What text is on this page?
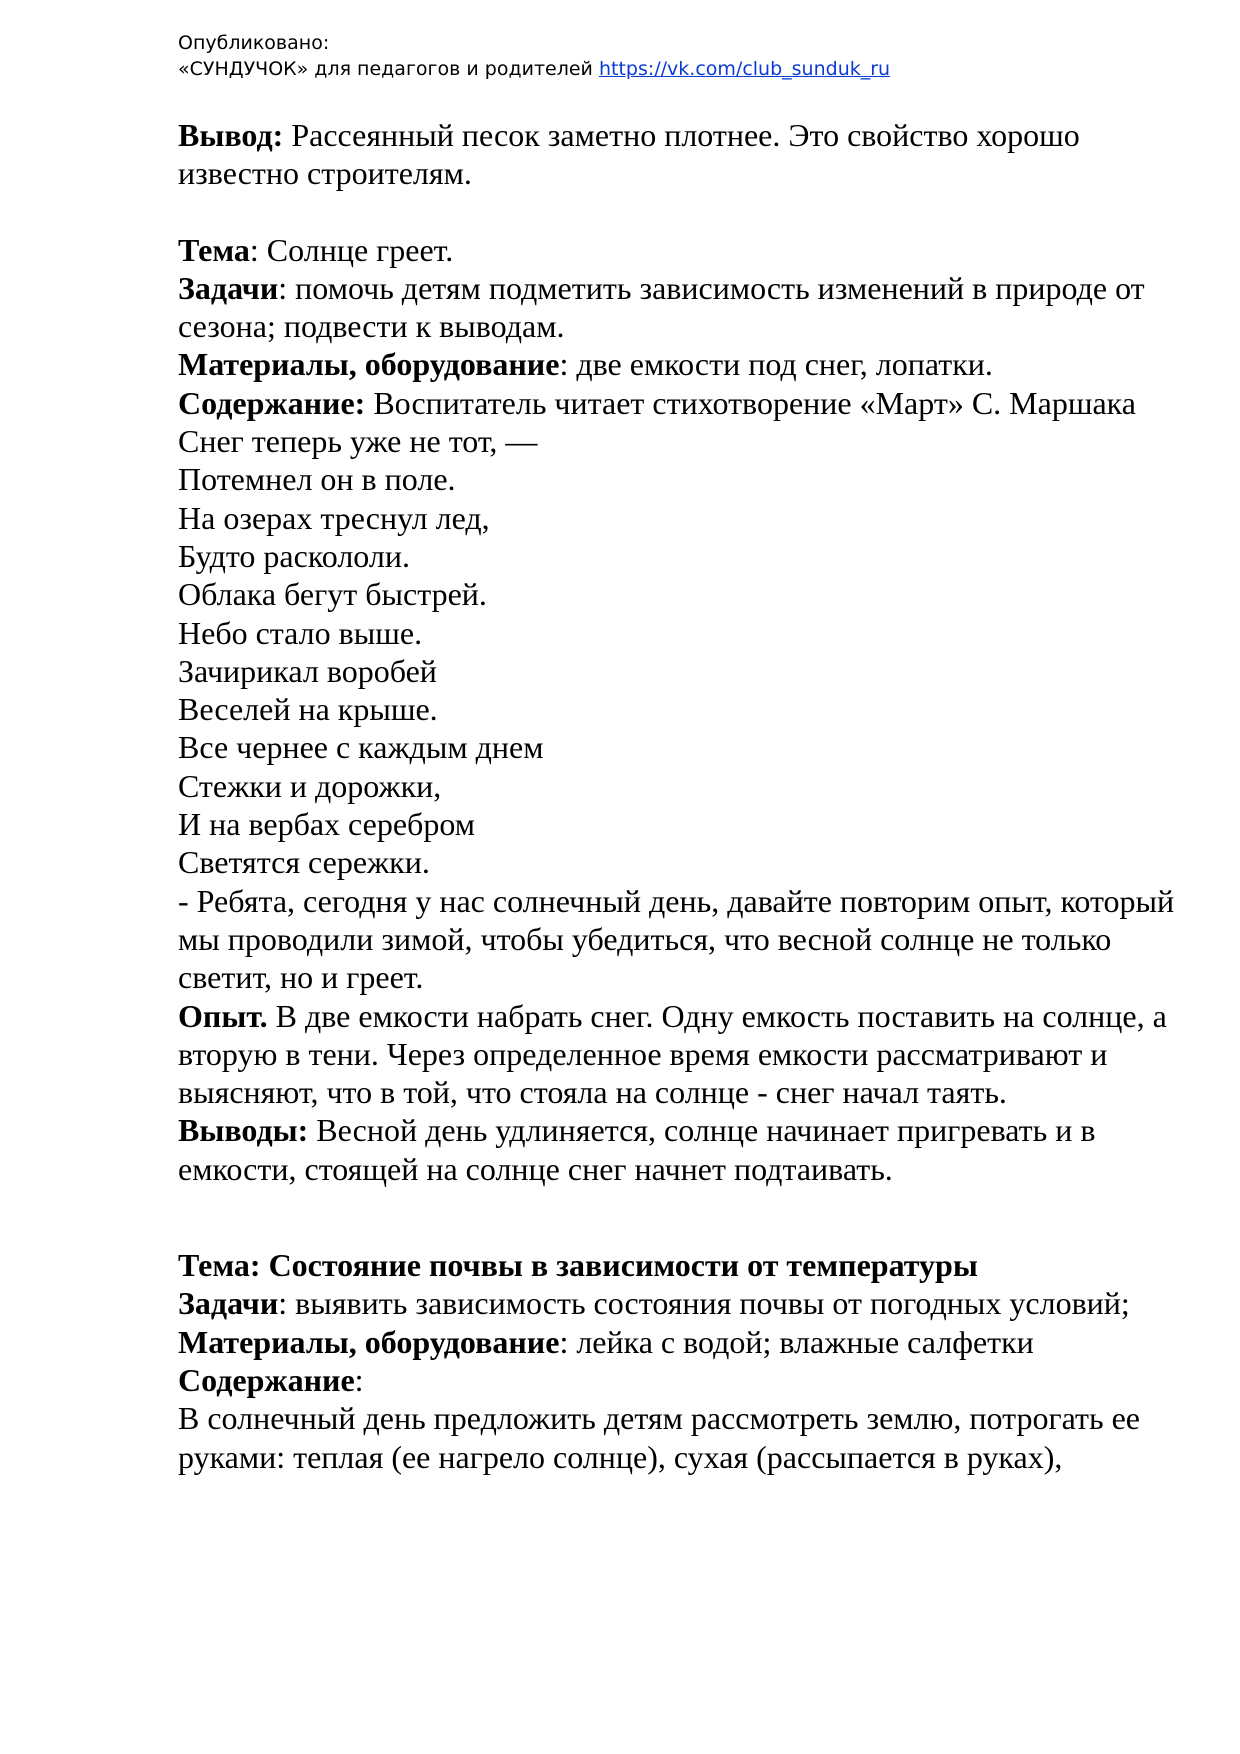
Опубликовано:
«СУНДУЧОК» для педагогов и родителей https://vk.com/club_sunduk_ru

Вывод: Рассеянный песок заметно плотнее. Это свойство хорошо известно строителям.

Тема: Солнце греет.

Задачи: помочь детям подметить зависимость изменений в природе от сезона; подвести к выводам.

Материалы, оборудование: две емкости под снег, лопатки.

Содержание: Воспитатель читает стихотворение «Март» С. Маршака

Снег теперь уже не тот, —

Потемнел он в поле.

На озерах треснул лед,

Будто раскололи.

Облака бегут быстрей.

Небо стало выше.

Зачирикал воробей

Веселей на крыше.

Все чернее с каждым днем

Стежки и дорожки,

И на вербах серебром

Светятся сережки.

- Ребята, сегодня у нас солнечный день, давайте повторим опыт, который мы проводили зимой, чтобы убедиться, что весной солнце не только светит, но и греет.

Опыт. В две емкости набрать снег. Одну емкость поставить на солнце, а вторую в тени. Через определенное время емкости рассматривают и выясняют, что в той, что стояла на солнце - снег начал таять.

Выводы: Весной день удлиняется, солнце начинает пригревать и в емкости, стоящей на солнце снег начнет подтаивать.

Тема: Состояние почвы в зависимости от температуры

Задачи: выявить зависимость состояния почвы от погодных условий;

Материалы, оборудование: лейка с водой; влажные салфетки

Содержание:

В солнечный день предложить детям рассмотреть землю, потрогать ее руками: теплая (ее нагрело солнце), сухая (рассыпается в руках),
